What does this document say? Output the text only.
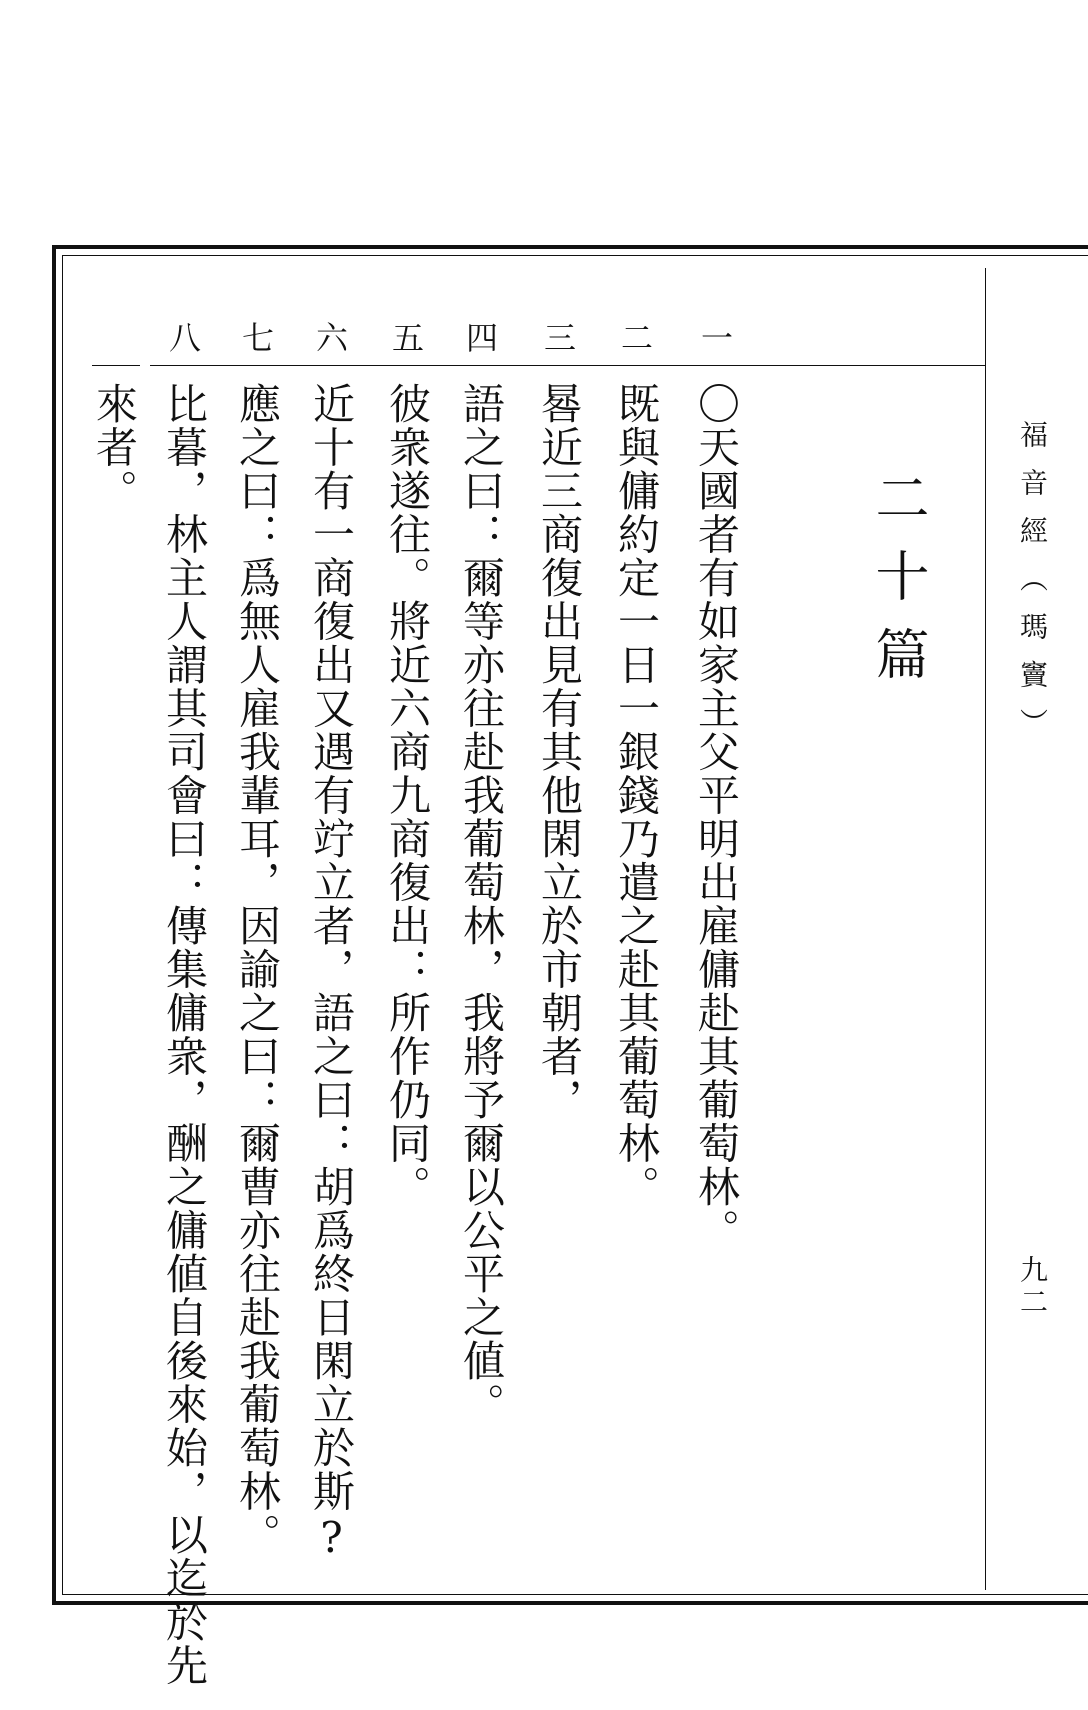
福音經（瑪竇）
九二
二十篇
一
二
三
四
五
六
七
八
〇天國者有如家主父平明出雇傭赴其葡萄林。
既與傭約定一日一銀錢乃遣之赴其葡萄林。
晷近三商復出見有其他閑立於市朝者，
語之曰：爾等亦往赴我葡萄林，我將予爾以公平之値。
彼衆遂往。將近六商九商復出：所作仍同。
近十有一商復出又遇有竚立者，語之曰：胡爲終日閑立於斯?
應之曰：爲無人雇我輩耳，因諭之曰：爾曹亦往赴我葡萄林。
比暮，林主人謂其司會曰：傳集傭衆，酬之傭値自後來始，以迄於先
來者。
